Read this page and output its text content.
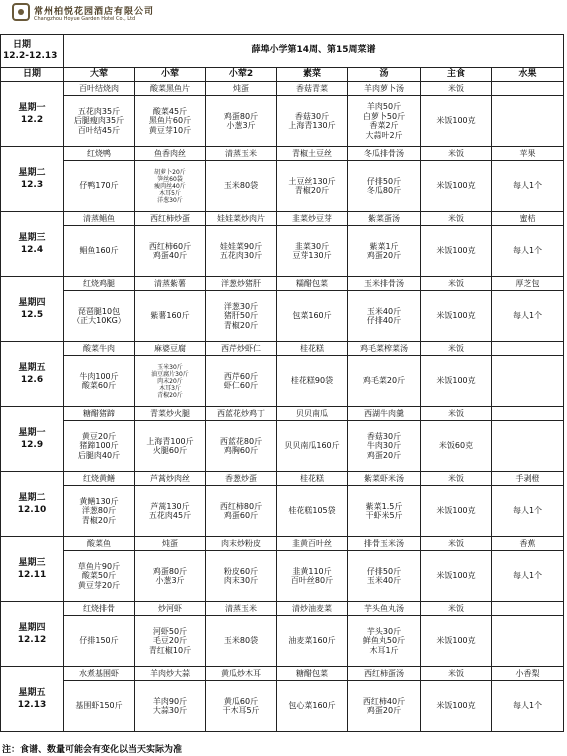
常州柏悦花园酒店有限公司
Changzhou Hoyue Garden Hotel Co., Ltd
日期
12.2-12.13	薛埠小学第14周、第15周菜谱						
日期	大荤	小荤	小荤2	素菜	汤	主食	水果

星期一
12.2	百叶结烧肉	酸菜黑鱼片	炖蛋	香菇青菜	羊肉萝卜汤	米饭	

	五花肉35斤
后腿瘦肉35斤
百叶结45斤	酸菜45斤
黑鱼片60斤
黄豆芽10斤	鸡蛋80斤
小葱3斤	香菇30斤
上海青130斤	羊肉50斤
白萝卜50斤
香菜2斤
大蒜叶2斤	米饭100克	

星期二
12.3	红烧鸭	鱼香肉丝	清蒸玉米	青椒土豆丝	冬瓜排骨汤	米饭	苹果

	仔鸭170斤	胡萝卜20斤
笋丝60袋
瘦肉丝40斤
木耳5斤
洋葱30斤	玉米80袋	土豆丝130斤
青椒20斤	仔排50斤
冬瓜80斤	米饭100克	每人1个

星期三
12.4	清蒸鲳鱼	西红柿炒蛋	娃娃菜炒肉片	韭菜炒豆芽	紫菜蛋汤	米饭	蜜桔

	鲳鱼160斤	西红柿60斤
鸡蛋40斤	娃娃菜90斤
五花肉30斤	韭菜30斤
豆芽130斤	紫菜1斤
鸡蛋20斤	米饭100克	每人1个

星期四
12.5	红烧鸡腿	清蒸紫薯	洋葱炒猪肝	糯醋包菜	玉米排骨汤	米饭	厚芝包

	琵琶腿10包
（正大10KG）	紫薯160斤	洋葱30斤
猪肝50斤
青椒20斤	包菜160斤	玉米40斤
仔排40斤	米饭100克	每人1个

星期五
12.6	酸菜牛肉	麻婆豆腐	西芹炒虾仁	桂花糕	鸡毛菜榨菜汤	米饭	

	牛肉100斤
酸菜60斤	玉米30斤
油豆腐片30斤
肉末20斤
木耳3斤
青椒20斤	西芹60斤
虾仁60斤	桂花糕90袋	鸡毛菜20斤	米饭100克	

星期一
12.9	糖醋猪蹄	青菜炒火腿	西蓝花炒鸡丁	贝贝南瓜	西湖牛肉羹	米饭	

	黄豆20斤
猪蹄100斤
后腿肉40斤	上海青100斤
火腿60斤	西蓝花80斤
鸡胸60斤	贝贝南瓜160斤	香菇30斤
牛肉30斤
鸡蛋20斤	米饭60克	

星期二
12.10	红烧黄鳝	芦蒿炒肉丝	香葱炒蛋	桂花糕	紫菜虾米汤	米饭	手剥橙

	黄鳝130斤
洋葱80斤
青椒20斤	芦蒿130斤
五花肉45斤	西红柿80斤
鸡蛋60斤	桂花糕105袋	紫菜1.5斤
干虾米5斤	米饭100克	每人1个

星期三
12.11	酸菜鱼	炖蛋	肉末炒粉皮	韭黄百叶丝	排骨玉米汤	米饭	香蕉

	草鱼片90斤
酸菜50斤
黄豆芽20斤	鸡蛋80斤
小葱3斤	粉皮60斤
肉末30斤	韭黄110斤
百叶丝80斤	仔排50斤
玉米40斤	米饭100克	每人1个

星期四
12.12	红烧排骨	炒河虾	清蒸玉米	清炒油麦菜	芋头鱼丸汤	米饭	

	仔排150斤	河虾50斤
毛豆20斤
青红椒10斤	玉米80袋	油麦菜160斤	芋头30斤
鲜鱼丸50斤
木耳1斤	米饭100克	

星期五
12.13	水煮基围虾	羊肉炒大蒜	黄瓜炒木耳	糖醋包菜	西红柿蛋汤	米饭	小香梨

	基围虾150斤	羊肉90斤
大蒜30斤	黄瓜60斤
干木耳5斤	包心菜160斤	西红柿40斤
鸡蛋20斤	米饭100克	每人1个
注：食谱、数量可能会有变化以当天实际为准
